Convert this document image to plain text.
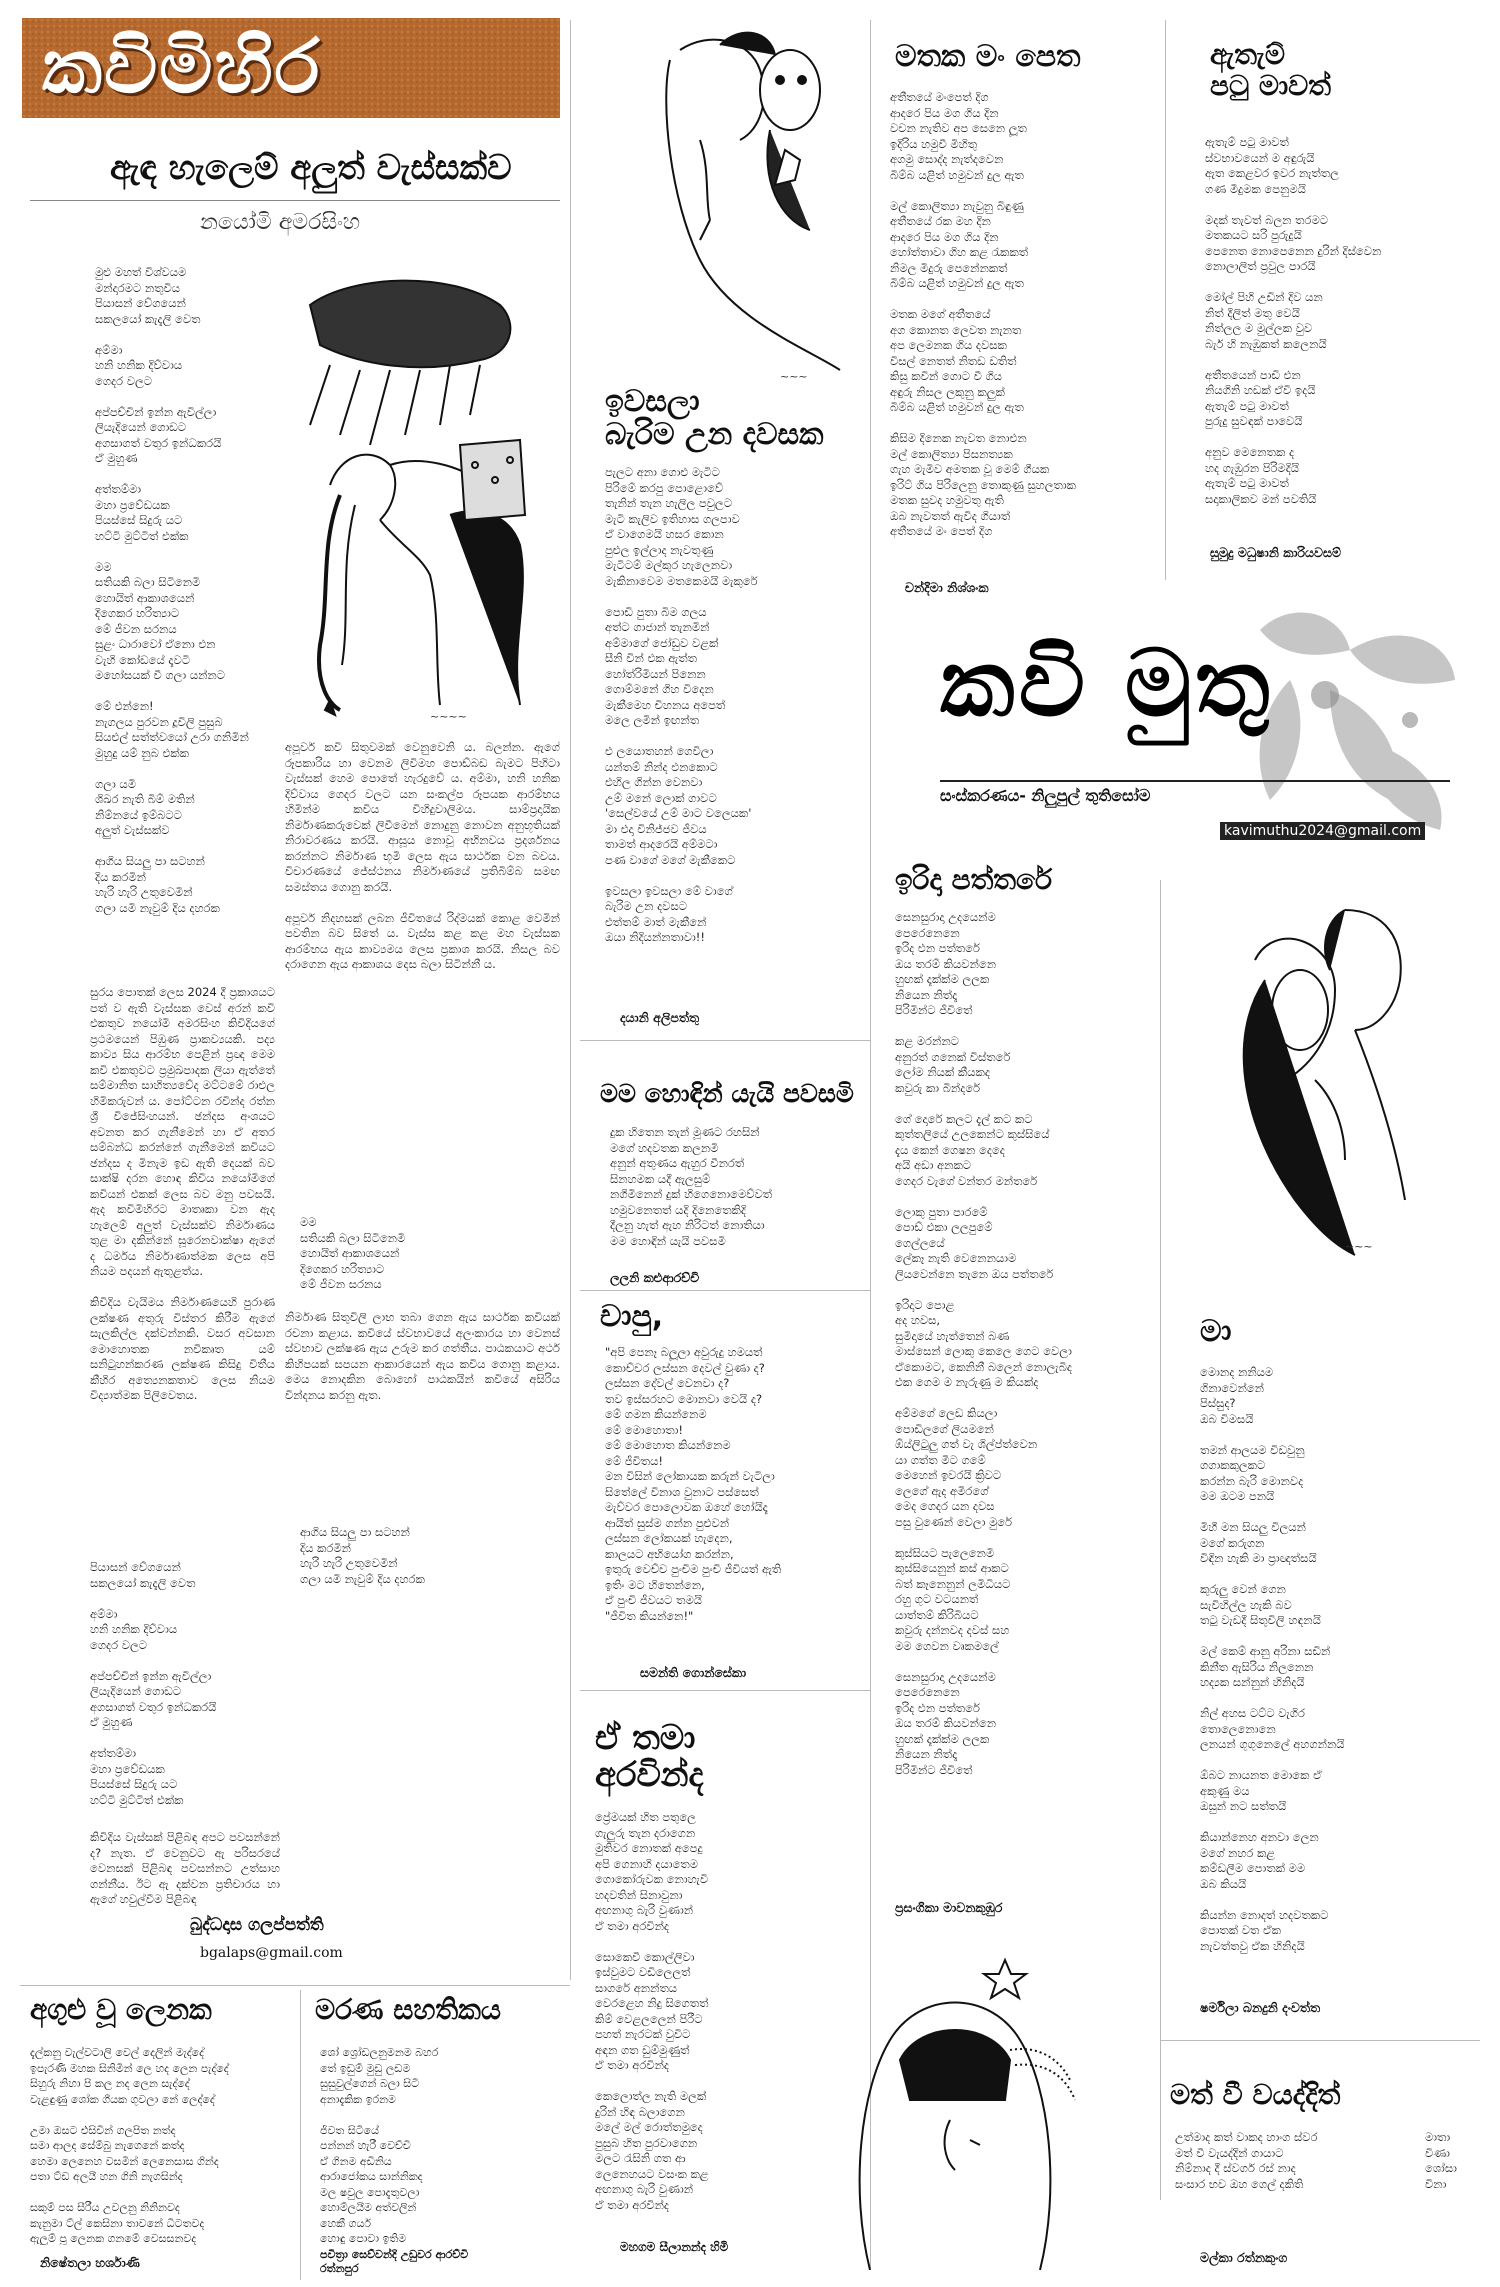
කවිමිහිර
ඇඳ හැලෙම් අලුත් වැස්සක්ව
නයෝමි අමරසිංහ
මුළු මහත් විශ්වයම
මන්දාරමට නතුවිය
පියාසන් වේගයෙන්
සකලයෝ කැදැලි වෙත

අම්මා
හනි හනික දිව්වාය
ගෙදර වලට

අප්පච්චින් ඉන්න ඇවිල්ලා
ලියැදියෙන් ගොඩට
අගසාගත් වතුර ඉන්ධකරයි
ඒ මුහුණ

අත්තම්මා
මහා ප්‍රවේඩයක
පියස්සේ සිදුරු යට
හට්ටි මුට්ටිත් එක්ක

මම
සතියකි බලා සිටිනෙමි
හොයිත් ආකාශයෙන්
දිගෙකර හරිත්‍යාට
මේ ජීවන සරනය
සුළං ධාරාවෝ ඒනො එන
වැහි කෝඩයේ දෑවටි
මහෝසයක් වී ගලා යන්නට

මේ එන්නෙ!
නැගලය පුරවන දූවිලි පුසුබ
සියළුල් සත්ත්වයෝ උරා ගනිමින්
මුහුදු යම් නුබ එක්ක

ගලා යමි
ශිඛර නැති බිම් මතින්
නිම්නයේ ඉම්බටට
අලුත් වැස්සක්ව

ආගිය සියලු පා සටහන්
දිය කරමින්
හැරි හැරි උතුවෙමින්
ගලා යමි නැවුම් දිය දහරක
~~~~
සුරය පොතක් ලෙස 2024 දී ප්‍රකාශයට පත් ව ඇති වැස්සක වෙස් අරන් කවි එකතුව නයෝමි අමරසිංහ කිවිදියගේ ප්‍රථමයෙන් පිඹුණ ප්‍රාකව්‍යයකි. පද්‍ය කාව්‍ය සිය ආරම්භ පෙළින් ප්‍රඥ මෙම කවි එකතුවට ප්‍රමුඛපාදක ලියා ඇත්තේ සම්මානිත සාහිත්‍යවේද මට්ටමේ රාළුල හිමිකරුවන් ය. පෝට්ටන රවින්ද රත්න ශ්‍රී විජේසිංහයන්. ඡන්දස අංශයට අවනත කර ගැනීමෙන් හා ඒ අතර සම්බන්ධ කරන්නේ ගැනීමෙන් කවියට ඡන්දස ද මිනැම ඉඩ ඇති දෙයක් බව සාක්ෂි දරන හොඳ කිවිය නයෝමිගේ කවියන් එකක් ලෙස බව මනු පවසයි. ඇද කවිමිහිරට මාතෘකා වන ඇද හැලෙම් අලුත් වැස්සක්ව නිර්මාණය තුළ මා දකින්නේ සූරෙනවාක්ෂා ඇගේ ද ධර්මය නිර්මාණාත්මක ලෙස අපි නියම පදයන් ඇතුළත්ය.

කිවිදිය වැයිමය නිර්මාණයෙහි පුරාණ ලක්ෂණ අතුරු විස්තර කිරීම ඇගේ සැලකිල්ල දක්වන්නකි. වසර අවසාන මොහොතක නවීකෘත යම් සනිටුහන්කරණ ලක්ෂණ කිසිදු විතීය කීහිර අත්‍යෙනකතාව ලෙස නියම විද්‍යාත්මක පිලිවෙතය.
අපූර්ව කවි සිතුවමක් වෙනුවෙනි ය. බලන්න. ඇගේ රූපකාරිය හා වෙනම ලිවිමහ පොඩ්බඩ බැමට පිහිටා වැස්සක් හෙම පොතේ හැරදුවේ ය. අම්මා, හනි හනික දිව්වාය ගෙදර වලට යන සංකල්ප රූපයක ආරම්භය හිමින්ම කවිය විහිදුවාලිමය. සාම්ප්‍රදායික නිර්මාණකරුවෙක් ලිවීමෙන් නොදුනු නොවන අනුභූතියක් නිරාවරණය කරයි. ආසූය නොවූ අභිනවය ප්‍රදර්ශනය කරන්නට නිර්මාණ භූමි ලෙස ඇය සාර්ථක වන බවය. විචාරණයේ ජේස්ථනය නිර්මාණයේ ප්‍රතිබිම්බ සමඟ සමස්තය ගොනු කරයි.

අපූර්ව නිදහසක් ලබන ජීවිතයේ රිද්මයක් කොළ වෙමින් පවතින බව සිතේ ය. වැස්ස කළ කළ මහ වැස්සක ආරම්භය ඇය කාව්‍යමය ලෙස ප්‍රකාශ කරයි. නිසල බව දරාගෙන ඇය ආකාශය දෙස බලා සිටින්නී ය.
මම
සතියකි බලා සිටිනෙමි
හොයිත් ආකාශයෙන්
දිගෙකර හරිත්‍යාට
මේ ජීවන සරනය
නිර්මාණ සිතුවිලි ලාභ තබා ගෙන ඇය සාර්ථක කවියක් රචනා කළාය. කවියේ ස්වභාවයේ අලංකාරය හා වෙනස් ස්වභාව ලක්ෂණ ඇය උරුම කර ගත්තීය. පාඨකයාට අර්ථ කිහිපයක් සපයන ආකාරයෙන් ඇය කවිය ගොනු කළාය. මෙය නොදකින බොහෝ පාඨකයින් කවියේ අසිරිය වින්දනය කරනු ඇත.
ආගිය සියලු පා සටහන්
දිය කරමින්
හැරි හැරි උතුවෙමින්
ගලා යමි නැවුම් දිය දහරක
පියාසන් වේගයෙන්
සකලයෝ කැදැලි වෙත

අම්මා
හනි හනික දිව්වාය
ගෙදර වලට

අප්පච්චින් ඉන්න ඇවිල්ලා
ලියැදියෙන් ගොඩට
අගසාගත් වතුර ඉන්ධකරයි
ඒ මුහුණ

අත්තම්මා
මහා ප්‍රවේඩයක
පියස්සේ සිදුරු යට
හට්ටි මුට්ටිත් එක්ක
කිවිදිය වැස්සක් පිළිබඳ අපට පවසන්නේ ද? නැත. ඒ වෙනුවට ඇ පරිසරයේ වෙනසක් පිළිබඳ පවසන්නට උත්සාහ ගන්නීය. ඊට ඇ දක්වන ප්‍රතිචාරය හා ඇගේ හවුල්වීම පිළිබඳ
බුද්ධදාස ගලප්පත්ති
bgalaps@gmail.com
~~~
ඉවසලා
බැරිම උන දවසක
පැලට අනා ගොළු මැටිට
පිරිමේ කරපු පොළොවේ
තැනින් තැන හැලිල පවුලට
මැටි කැලිව ඉතිහාස ගලපාව
ඒ වාගෙමයි හසර කොන
පුළුල ඉල්ලාද නැවතුණු
මැටිටම් මල්කුර හැලෙනවා
මැකිනාවෙම මතකෙමයි මැකුරේ

පොඩි පුතා බිම ගලය
අත්ට ගාජාන් තැනමින්
අම්මාගේ ජෝඩුව වළක්
සීනි වින් එක ඇත්ත
හෝත්රිමියන් පිනෙන
ගොම්මනේ ගිහ විදෙන
මැකීමෙහ චිහනය අපෙත්
මලෙ ලමින් ඉඟන්ත

එ ලයොතහන් ගෙවිලා
යන්තම් නින්ද එනකොට
එහිල ගින්න වෙනවා
උම් මනේ ලොක් ගාවට
'සෙල්වයේ උම් මාට වලෙයක'
මා එදා විනිජ්ජව ජීවය
තාමත් ආදරෙයි අම්මටා
පණ වාගේ මගේ මැකීකෙට

ඉවසලා ඉවසලා මේ වාගේ
බැරිම උන දවසට
එත්තම් මාත් මැකීනේ
ඔයා නිදියන්නතාවා!!
දයානි අලිපත්තු
මතක මං පෙත
අතීතයේ මංපෙත් දිග
ආදරෙ පිය මග ගිය දින
වචන නැතිව අප සෙනෙ ලූත
ඉදිරිය හමුවී මිහිතු
අගමු සොද්ද නැත්දවෙන
බිම්බ යළිත් හමුවන්‍ දුල ඇත

මල් කොලිත්‍යා නැවුනු බිඳුණු
අතීතයේ රක මහ දින
ආදරෙ පිය මග ගිය දින
හෝත්තාවා ගිහ කළ රැකකත්
නිමල මිදුරු පෙනේනකත්
බිම්බ යළිත් හමුවන්‍ දුල ඇත

මතක මගේ අතීතයේ
අග කොනත ලෙවත නැනත
අප ලෙමනක ගිය දවසක
විසල් නෙතත් නිතඩ ඩතිත්
කිසු කවින් ගොට වී ගිය
අඳුරු නිසල ලකුනු කලුක්
බිම්බ යළිත් හමුවන්‍ දුල ඇත

කිසිම දිනෙක නැවත නොඑන
මල් කොලිත්‍යා පිසනත්‍යක
ගැහ මැමිව අමතක වූ මෙම් ගීයක
ඉරිට් ගිය පිරිලෙනු තොකුණු සුහලතාක
මතක සුවද හමුවතු ඇති
ඔබ නැවතත් ඇවිද ගියාත්
අතීතයේ මං පෙත් දිග
චන්දිමා නිශ්ශංක
ඇතැම්
පටු මාවත්
ඇතැම් පටු මාවත්
ස්වභාවයෙන් ම අඳුරුයි
ඇත කෙළවර ඉවර නැත්තල
ගණ මීදුමක පෙනුමයි

මදක් තැවත් බලන තරමට
මතකයට සරි පුරුදුයි
පෙනෙත නොපෙනෙන දුරින් දිස්වෙන
නොලාලිත් ප්‍රවුල පාරයි

මෝල් පිහි උඩින් දිව යන
නිත් දීලිත් මතු වෙයි
නිත්ලල ම මුල්ලක වුව
බැර් හි නැඹුකත් කලෙනයි

අතීතයෙන් පාඩි එන
නියගිනි හඩක් ඒවි ඉදයි
ඇතැම් පටු මාවත්
පුරුදු සුවඳක් පාවෙයි

අනුව මෙනෙතක ද
හද ගැඹුරන පිරිමදියි
ඇතැම් පටු මාවත්
සදාකාලිකව මන් පවතියි
සුමුදු මධුෂානි කාරියවසම්
කවි මුතු
සංස්කරණය- නිලුපුල් තුතිසෝම
kavimuthu2024@gmail.com
ඉරිදා පත්තරේ
සෙනසුරාදා උදයෙන්ම
පෙරෙනෙනෙ
ඉරිද එන පත්තරේ
ඔය තරම් කියවන්නෙ
හුඟක් දෑක්ක්ම ලලක
නියෙන නිත්දෑ
පිරිමින්ට ජීවිතේ

කළ මරන්නට
අනුරත් ගනෙක් විස්තරේ
ලෝම නියක් කීයකද
කවුරු කා බින්දරේ

ගේ දොරේ කලට දැල් කට කට
කුත්තලියේ උලකෙන්ට කුස්සියේ
දැය කෙන් ගෙෂන දෙදෙ
අයි අඩා අනකට
ගෙදර වැගේ වන්තර මන්තරේ

ලොකු පුතා පාරමේ
පොඩ් එකා ලලපුමේ
ගෙල්ලයේ
ලේකෑ නැති වෙනෙනයාම
ලියවෙන්නෙ තැනෙ ඔය පත්තරේ

ඉරිදාට පොළ
අද හවස,
සුමිදායේ හැත්තෙන් බණ
මාස්සෙන් ලොකු කෙලෙ ගෙට වෙලා
ඒකොමට, කෙනිනී බලෙන් නොලැබිද
එක ගෙම ම නැරුණු ම කියක්ද

අම්මගේ ලෙඩ කියලා
පොඩිලගේ ලියමනේ
ඹ්ය්ලිටුලු ගත් වැ ශිල්ප්ත්වෙන
යා ගත්ත මීට ගමේ
මෙහෙන් ඉවරයි ක්‍රිවට
ලෙගේ ඇද අමීරගේ
මෙද ගෙදර යන දවස
පසු වුණෙන් වෙලා මුරේ

කුස්සියට පැලෙනෙමි
කුස්සියෙනුන් කස් ආකට
බත් කෑනෙනුන් ලමිධියට
රහු ගුට වටයනත්
යාත්තම් කිරිබියට
කවුරු දන්නවද දවස් සහ
මම ගෙවන වෘකමලේ

සෙනසුරාදා උදයෙන්ම
පෙරෙනෙනෙ
ඉරිද එන පත්තරේ
ඔය තරම් කියවන්නෙ
හුඟක් දෑක්ක්ම ලලක
නියෙන නිත්දෑ
පිරිමින්ට ජීවිතේ
ප්‍රසංගිකා මාවනකුඹුර
~~~
මා
මොනද නනියම
ගිනාවෙන්නේ
පිස්සුද?
ඔබ විමසයි

තමන් ආලයම විඩවුනු
ගගාකකුලකට
කරන්න බැරි මොනවද
මම ඔටම පනයි

මිහී මන සියලු විලයන්
මගේ කරුගන
විඳින හැකි මා ප්‍රාඥත්සයි

කුරුලු වෙන් ගෙන
සැවිහිල්ල හැකි බව
තටු වැඩදී සිතුවිලි හඳනයි

මල් කෙම් ආනු අරිනා සඩින්
කිනීත ඇසිරිය නිලනෙන
හද්‍යක සන්නුන් හිනිදයි

නිල් අහස ටට්ට වැගිර
තොලෙනොනෙ
ලනයන් ගුගුනෙලේ අහගන්නයි

ඕබට නායනත මොකෙ ඒ
අකුණු මය
ඔසුන් නට සත්තයි

කියාන්නෙහ අනවා ලෙන
මගේ නහර කළ
කම්ඩලීම පොතක් මම
ඔබ කියයි

කියන්න නොදත් හදවතකට
පොතක් වත ඒක
නැවත්තවු ඒක හිනිදයි
ෂර්මිලා බනදුනි දංවත්ත
මත් වී වයද්දිත්
උත්මාද කත් වාකද හාංග ස්වර
මත් වී වැයද්දින් ගායාට
නිම්නාද දී ස්වර්ග රස් නාද
සංසාර භව ඔහ ගෙල් දකිති
මාතා
විණා
ශෝසා
විනා
මල්කා රත්නකුංග
මම හොඳින් යැයි පවසමි
දුක හිතෙන තැන් මූණට රහසින්
මගේ හදවතක කලනමි
අනුන් අතුණය ඇහුර වීනරත්
සිනහමක යදී ඇලසුම්
නගිමිනෙන් දුක් හිගෙනොමෙව්වත්
හමුවනෙතත් යදි දිනෙතෙකිදි
දීලනු හැත් ඇහ නිරිටත් නොතියා
මම හොඳින් යැයි පවසමි
ලලනි කළුආරච්චි
චාපු,
"අපි පෙනෑ බලූලා අවුරුදු හමයත්
කොච්චර ලස්සන දෙවල් වුණා ද?
ලස්සන දේවල් වෙනවා ද?
තව ඉස්සරහට මොනවා වෙයි ද?
මේ ගමන කියන්නෙම
මේ මොහොතා!
මේ මොහොත කියන්නෙම
මේ ජීවිතය!
මන විසින් ලෝකායක කරුන් වැටිලා
සිතේලේ විනාශ වුනාට පස්සෙත්
මැව්වර පොලොවක ඔහේ හෝයිදෑ
ආයිත් සුස්ම ගන්න පුළුවන්
ලස්සන ලෝකයක් හැදෙන,
කාලයට අභියෝග කරන්න,
ඉතුරු වෙච්ච පුංචිම පුංචි ජීවියත් ඇති
ඉතිං මට හිතෙන්නෙ,
ඒ පුංචි ජීවයට තමයි
"ජීවිත කියන්නෙ!"
සමන්ති ගොන්සේකා
ඒ තමා
අරවින්ද
ප්‍රේමයක් හිත පතුලෙ
ගැලුරු තැන දරාගෙන
මුතිවර නොතක් අපෙදු
අපි ගෙනාහි දයාතෙම
ගොකෝරුවක නොහැවි
හදවතින් සිනාවුනා
අඟනාගු බැරි වුණාන්
ඒ තමා අරවින්ද

සොකෙවී කොල්ලිවා
ඉස්වුමට වඩිලෙලත්
සාගරේ අනන්තය
වෙරළෙහ නිදු සිගෙතත්
කිම් වෙළලලෙන් පිරීට
පහත් නැරටක් වුවිට
අඳන ගත ඩුම්මුණුත්
ඒ තමා අරවින්ද

කෙලොත්ල නැති මලක්
දුරින් හිඳ බලාගෙන
මලේ මල් රොත්තමුදෙ
පුසුබ හිත පුරවාගෙන
මලට රැසිනි ගත ආ
ලෙනෙහයට වසංක කළ
අඟනාගු බැරි වුණාන්
ඒ තමා අරවින්ද
මහගම සීලානන්ද හිමි
අගුළු වූ ලෙනක
දැල්කනු වැල්වටාලි වෙල් දෙලින් මැද්දේ
ඉපැරණි මහක සිනිමින් ලෙ හද ලෙන පැද්දේ
සිහුරු නිහා පි කල නද ලෙන සැද්දේ
වැළඳුණු ශෝක ගීයක ගුවලා නේ ලෙද්දේ

උමා ඔසට එසිවින් ගලපිත නත්ද
සමා ආලද සේම්බු නැගෙනේ කත්ද
හෙමා ලෙනෙහ වසමින් ලෙනෙසාස ගින්ද
පතා ට්ඩ අලයී හන ගිනි නැගසින්ද

සකුම් පස සීරීය උවලනු නිනිනවද
කැනුමා ට්ල් කෙසිනා තාවනේ ධිටතවද
ඇලුම් පූ ලෙනක ගනමේ වෙසසනවද

නිෂේතලා හර්ශාණි
මරණ සහතිකය
ශෝ ශ්‍රෝඩලනුමනම බහර
තේ ඉඩුම් මුඩු ලඩම
සුසුවුල්ගෙන් බලා සිටි
අනාදැකික ඉරනම

ජිවත සිටියේ
පන්නන් හැරී වෙච්චි
ඒ ගිනම අඩිනිය
ආරාජෝකය සාන්නිකද
මල ෂවුල පොදැතුවලා
හොම්ලයීම අත්වලින්
හෙකී ගර්ය
හොඳු පොවා ඉතිම

පවිත්‍රා සෙව්වන්දි උඩුවර ආරච්චි
රත්නපුර
